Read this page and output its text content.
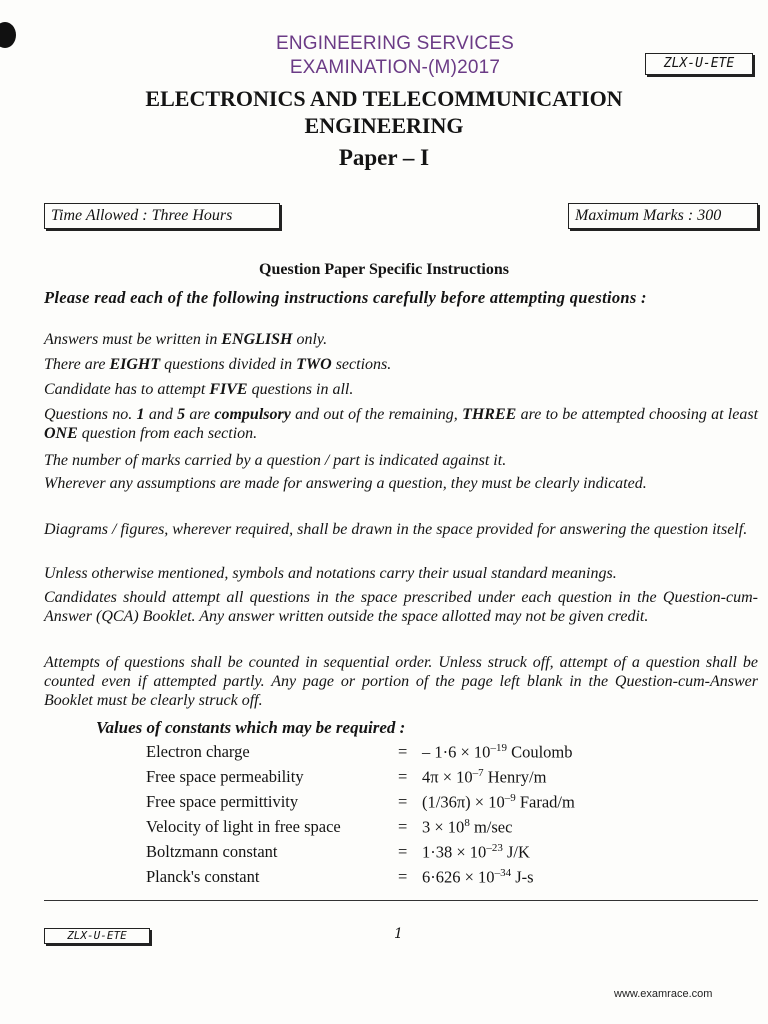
ENGINEERING SERVICES
EXAMINATION-(M)2017	ZLX-U-ETE
ELECTRONICS AND TELECOMMUNICATION
ENGINEERING
Paper – I
Time Allowed : Three Hours	Maximum Marks : 300
Question Paper Specific Instructions
Please read each of the following instructions carefully before attempting questions :
Answers must be written in ENGLISH only.
There are EIGHT questions divided in TWO sections.
Candidate has to attempt FIVE questions in all.
Questions no. 1 and 5 are compulsory and out of the remaining, THREE are to be attempted choosing at least ONE question from each section.
The number of marks carried by a question / part is indicated against it.
Wherever any assumptions are made for answering a question, they must be clearly indicated.
Diagrams / figures, wherever required, shall be drawn in the space provided for answering the question itself.
Unless otherwise mentioned, symbols and notations carry their usual standard meanings.
Candidates should attempt all questions in the space prescribed under each question in the Question-cum-Answer (QCA) Booklet. Any answer written outside the space allotted may not be given credit.
Attempts of questions shall be counted in sequential order. Unless struck off, attempt of a question shall be counted even if attempted partly. Any page or portion of the page left blank in the Question-cum-Answer Booklet must be clearly struck off.
Values of constants which may be required :
Electron charge	= – $1\cdot 6 \times 10^{-19}$ Coulomb
Free space permeability	= $4\pi \times 10^{-7}$ Henry/m
Free space permittivity	= $(1/36\pi) \times 10^{-9}$ Farad/m
Velocity of light in free space	= $3 \times 10^8$ m/sec
Boltzmann constant	= $1\cdot 38 \times 10^{-23}$ J/K
Planck's constant	= $6\cdot 626 \times 10^{-34}$ J-s
ZLX-U-ETE	1
www.examrace.com
